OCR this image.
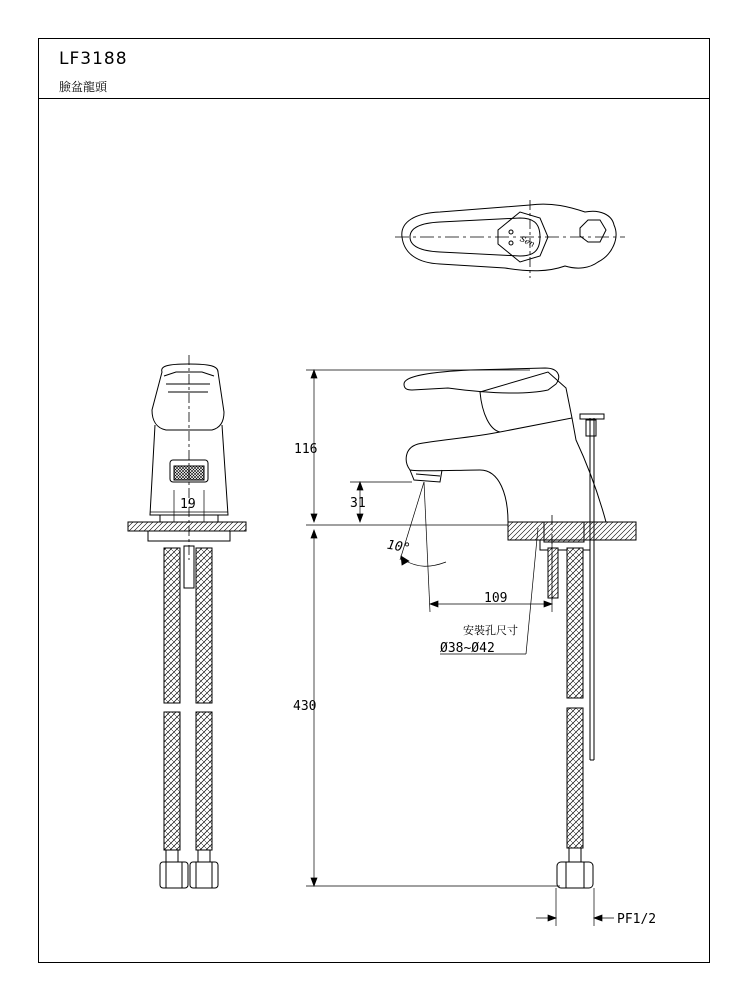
LF3188
臉盆龍頭
Sen
19
116
31
10°
109
430
安裝孔尺寸
Ø38~Ø42
PF1/2
